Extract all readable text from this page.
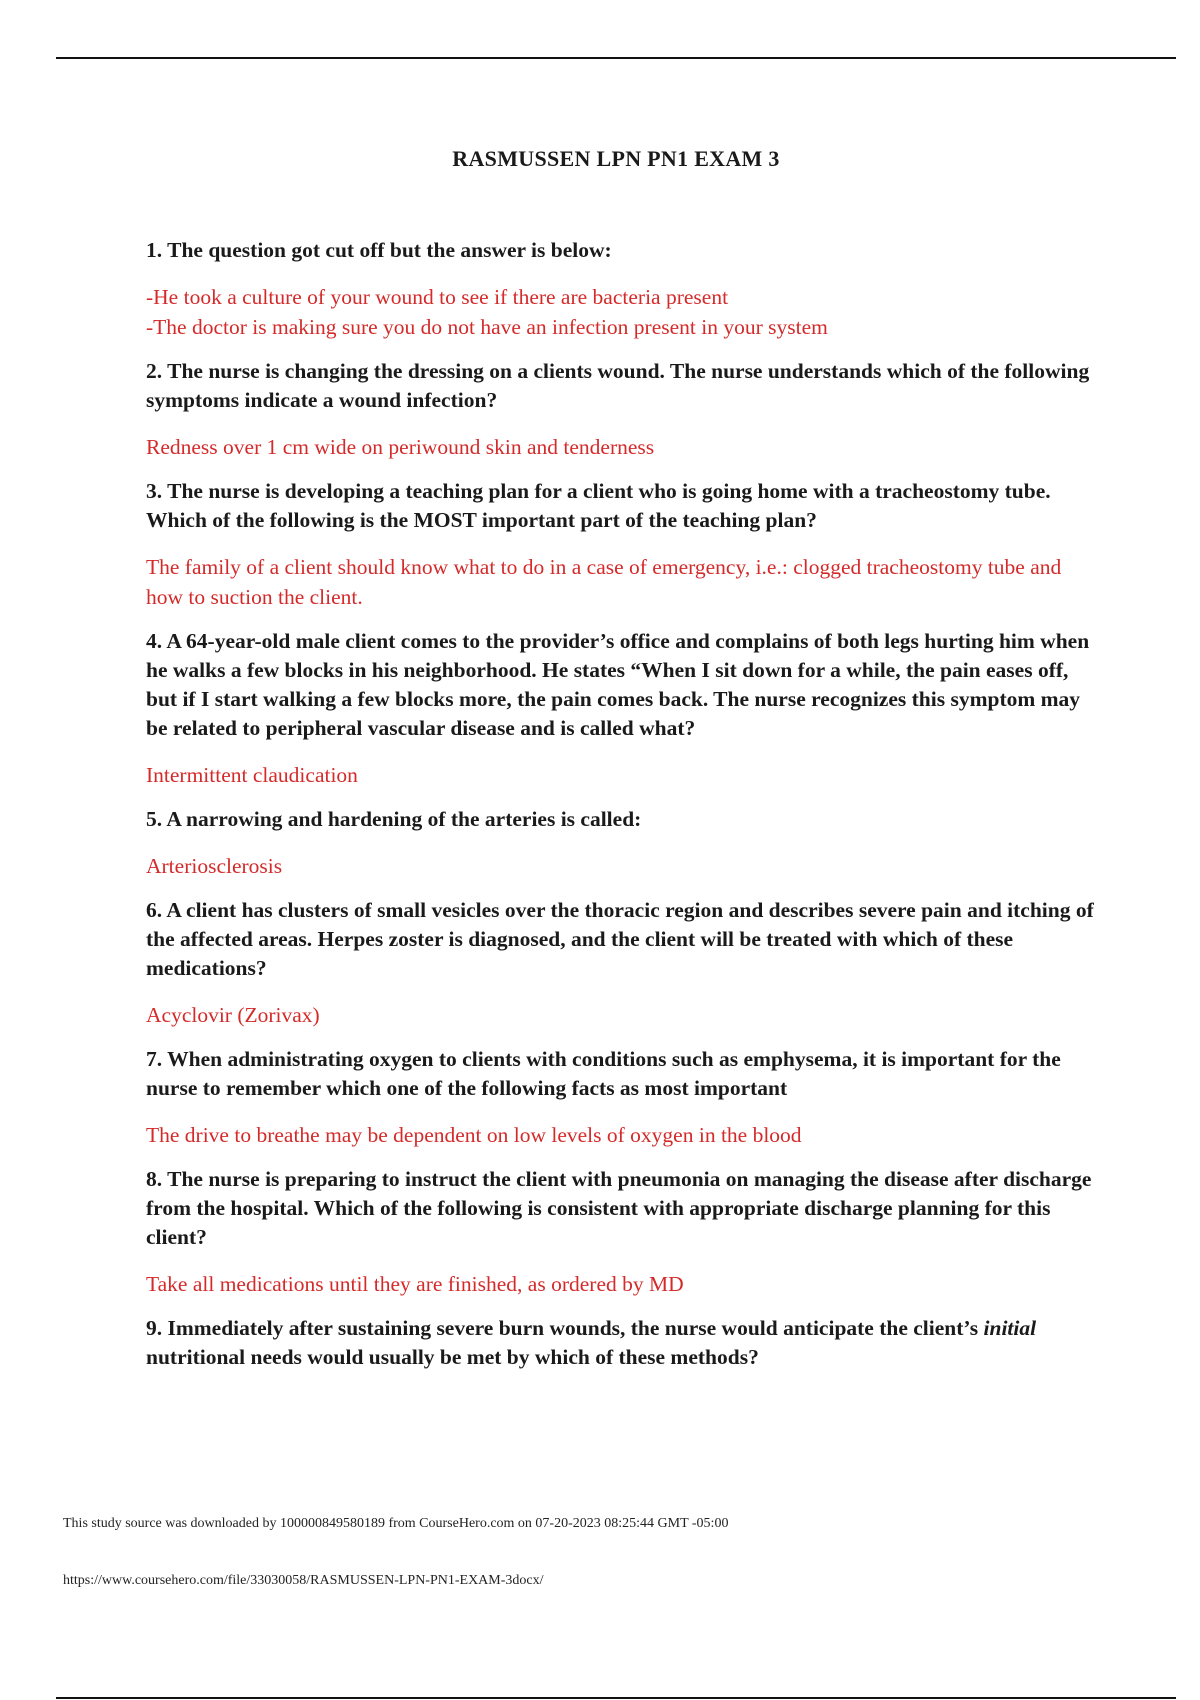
RASMUSSEN LPN PN1 EXAM 3
1. The question got cut off but the answer is below:
-He took a culture of your wound to see if there are bacteria present
-The doctor is making sure you do not have an infection present in your system
2. The nurse is changing the dressing on a clients wound. The nurse understands which of the following symptoms indicate a wound infection?
Redness over 1 cm wide on periwound skin and tenderness
3. The nurse is developing a teaching plan for a client who is going home with a tracheostomy tube. Which of the following is the MOST important part of the teaching plan?
The family of a client should know what to do in a case of emergency, i.e.: clogged tracheostomy tube and how to suction the client.
4. A 64-year-old male client comes to the provider’s office and complains of both legs hurting him when he walks a few blocks in his neighborhood. He states “When I sit down for a while, the pain eases off, but if I start walking a few blocks more, the pain comes back. The nurse recognizes this symptom may be related to peripheral vascular disease and is called what?
Intermittent claudication
5. A narrowing and hardening of the arteries is called:
Arteriosclerosis
6. A client has clusters of small vesicles over the thoracic region and describes severe pain and itching of the affected areas. Herpes zoster is diagnosed, and the client will be treated with which of these medications?
Acyclovir (Zorivax)
7. When administrating oxygen to clients with conditions such as emphysema, it is important for the nurse to remember which one of the following facts as most important
The drive to breathe may be dependent on low levels of oxygen in the blood
8. The nurse is preparing to instruct the client with pneumonia on managing the disease after discharge from the hospital. Which of the following is consistent with appropriate discharge planning for this client?
Take all medications until they are finished, as ordered by MD
9. Immediately after sustaining severe burn wounds, the nurse would anticipate the client’s initial nutritional needs would usually be met by which of these methods?
This study source was downloaded by 100000849580189 from CourseHero.com on 07-20-2023 08:25:44 GMT -05:00
https://www.coursehero.com/file/33030058/RASMUSSEN-LPN-PN1-EXAM-3docx/
